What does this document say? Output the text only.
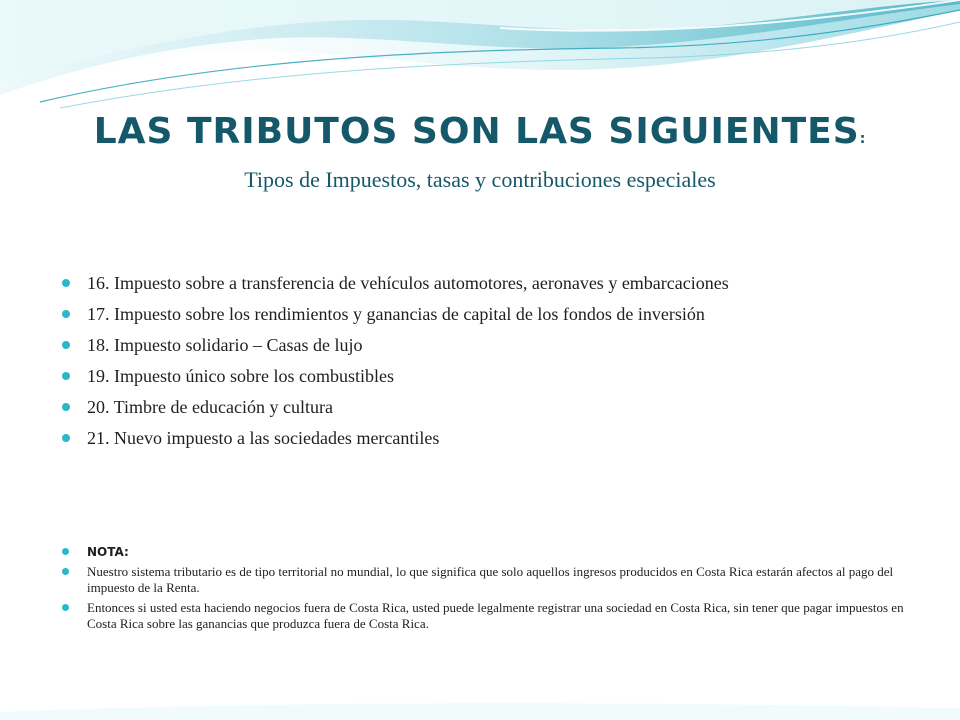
LAS TRIBUTOS SON LAS SIGUIENTES:
Tipos de Impuestos, tasas y contribuciones especiales
16. Impuesto sobre a transferencia de vehículos automotores, aeronaves y embarcaciones
17. Impuesto sobre los rendimientos y ganancias de capital de los fondos de inversión
18. Impuesto solidario – Casas de lujo
19. Impuesto único sobre los combustibles
20. Timbre de educación y cultura
21. Nuevo impuesto a las sociedades mercantiles
NOTA:
Nuestro sistema tributario es de tipo territorial no mundial, lo que significa que solo aquellos ingresos producidos en Costa Rica estarán afectos al pago del impuesto de la Renta.
Entonces si usted esta haciendo negocios fuera de Costa Rica, usted puede legalmente registrar una sociedad en Costa Rica, sin tener que pagar impuestos en Costa Rica sobre las ganancias que produzca fuera de Costa Rica.
